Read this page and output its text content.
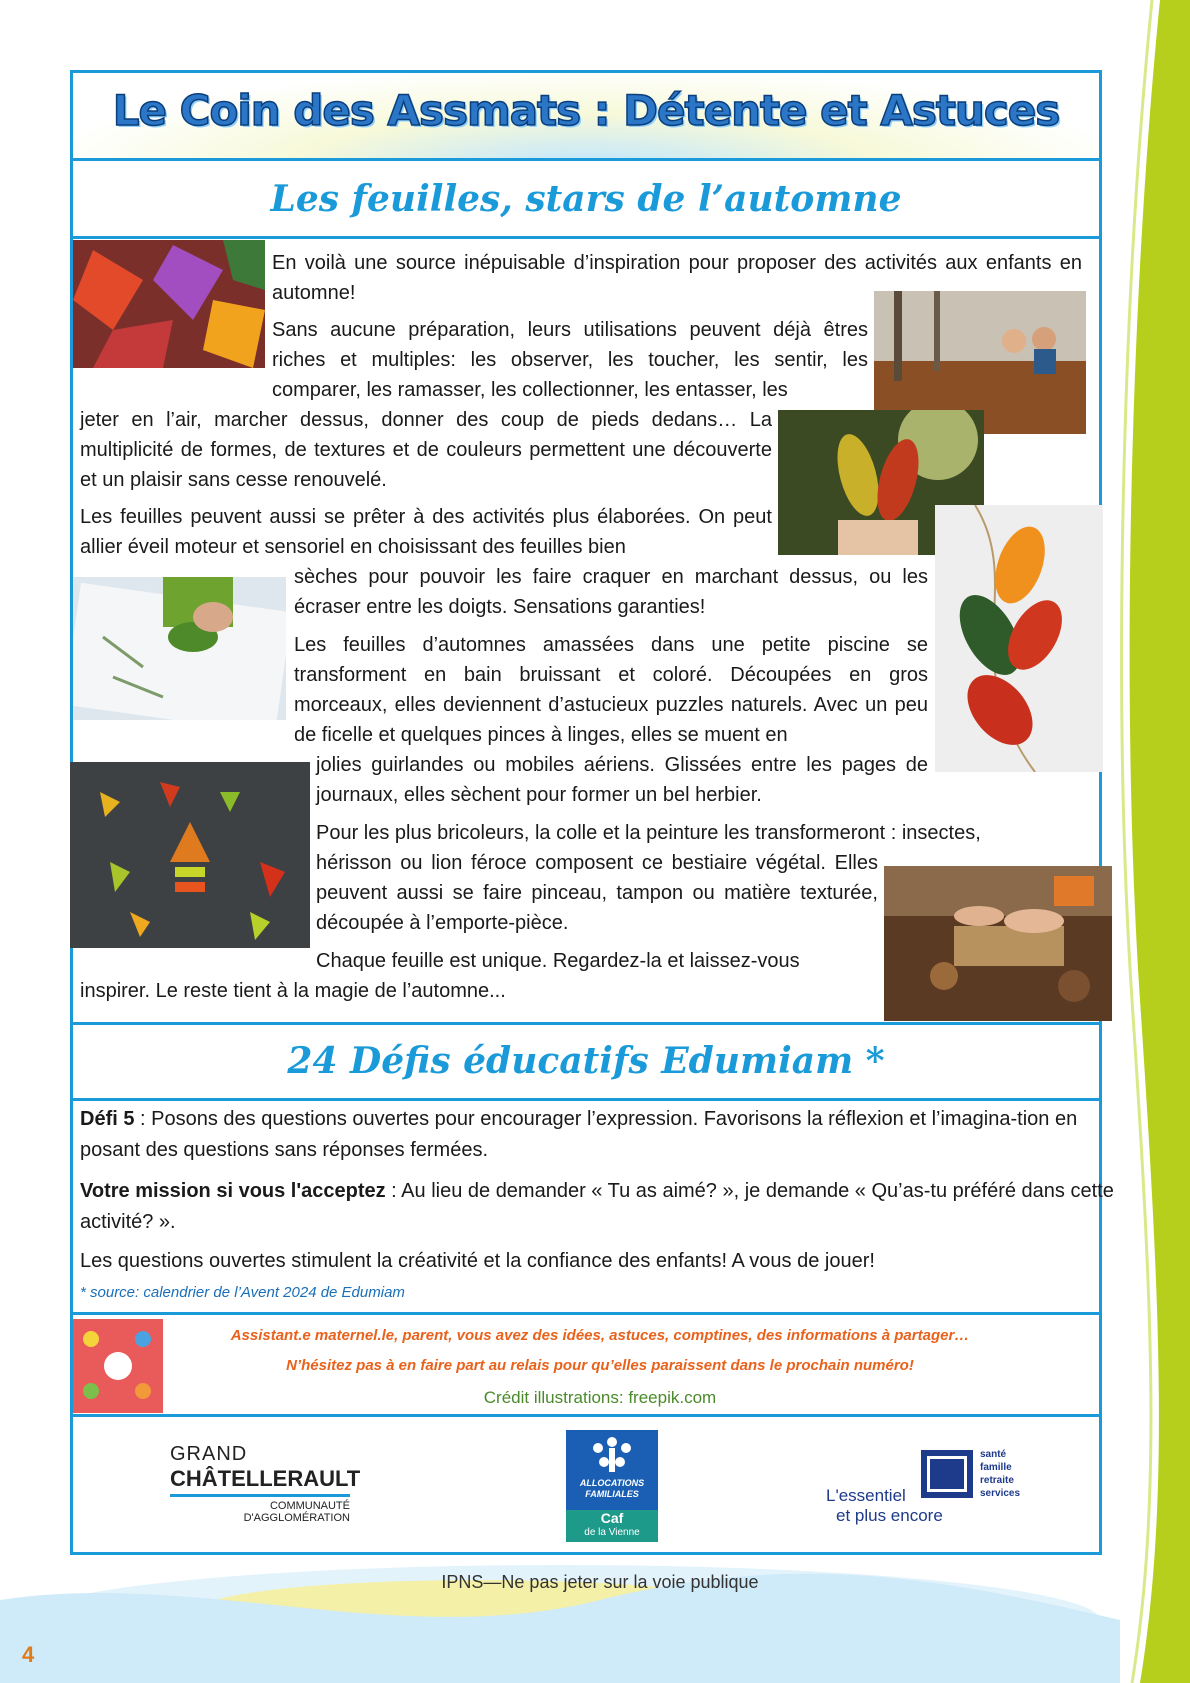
Le Coin des Assmats : Détente et Astuces
Les feuilles, stars de l’automne
En voilà une source inépuisable d’inspiration pour proposer des activités aux enfants en automne!
Sans aucune préparation, leurs utilisations peuvent déjà êtres riches et multiples: les observer, les toucher, les sentir, les comparer, les ramasser, les collectionner, les entasser, les
jeter en l’air, marcher dessus, donner des coup de pieds dedans… La multiplicité de formes, de textures et de couleurs permettent une découverte et un plaisir sans cesse renouvelé.
Les feuilles peuvent aussi se prêter à des activités plus élaborées. On peut allier éveil moteur et sensoriel en choisissant des feuilles bien
sèches pour pouvoir les faire craquer en marchant dessus, ou les écraser entre les doigts. Sensations garanties!
Les feuilles d’automnes amassées dans une petite piscine se transforment en bain bruissant et coloré. Découpées en gros morceaux, elles deviennent d’astucieux puzzles naturels. Avec un peu de ficelle et quelques pinces à linges, elles se muent en
jolies guirlandes ou mobiles aériens. Glissées entre les pages de journaux, elles sèchent pour former un bel herbier.
Pour les plus bricoleurs, la colle et la peinture les transformeront : insectes,
hérisson ou lion féroce composent ce bestiaire végétal. Elles peuvent aussi se faire pinceau, tampon ou matière texturée, découpée à l’emporte-pièce.
Chaque feuille est unique. Regardez-la et laissez-vous
inspirer. Le reste tient à la magie de l’automne...
24 Défis éducatifs Edumiam *
Défi 5 : Posons des questions ouvertes pour encourager l’expression. Favorisons la réflexion et l’imagina-tion en posant des questions sans réponses fermées.
Votre mission si vous l'acceptez : Au lieu de demander « Tu as aimé? », je demande « Qu’as-tu préféré dans cette activité? ».
Les questions ouvertes stimulent la créativité et la confiance des enfants! A vous de jouer!
* source: calendrier de l’Avent 2024 de Edumiam
Assistant.e maternel.le, parent, vous avez des idées, astuces, comptines, des informations à partager…
N’hésitez pas à en faire part au relais pour qu’elles paraissent dans le prochain numéro!
Crédit illustrations: freepik.com
GRAND
CHÂTELLERAULT
COMMUNAUTÉ
D'AGGLOMÉRATION
ALLOCATIONS
FAMILIALES
Caf
de la Vienne
santé
famille
retraite
services
L'essentiel
et plus encore
IPNS—Ne pas jeter sur la voie publique
4
